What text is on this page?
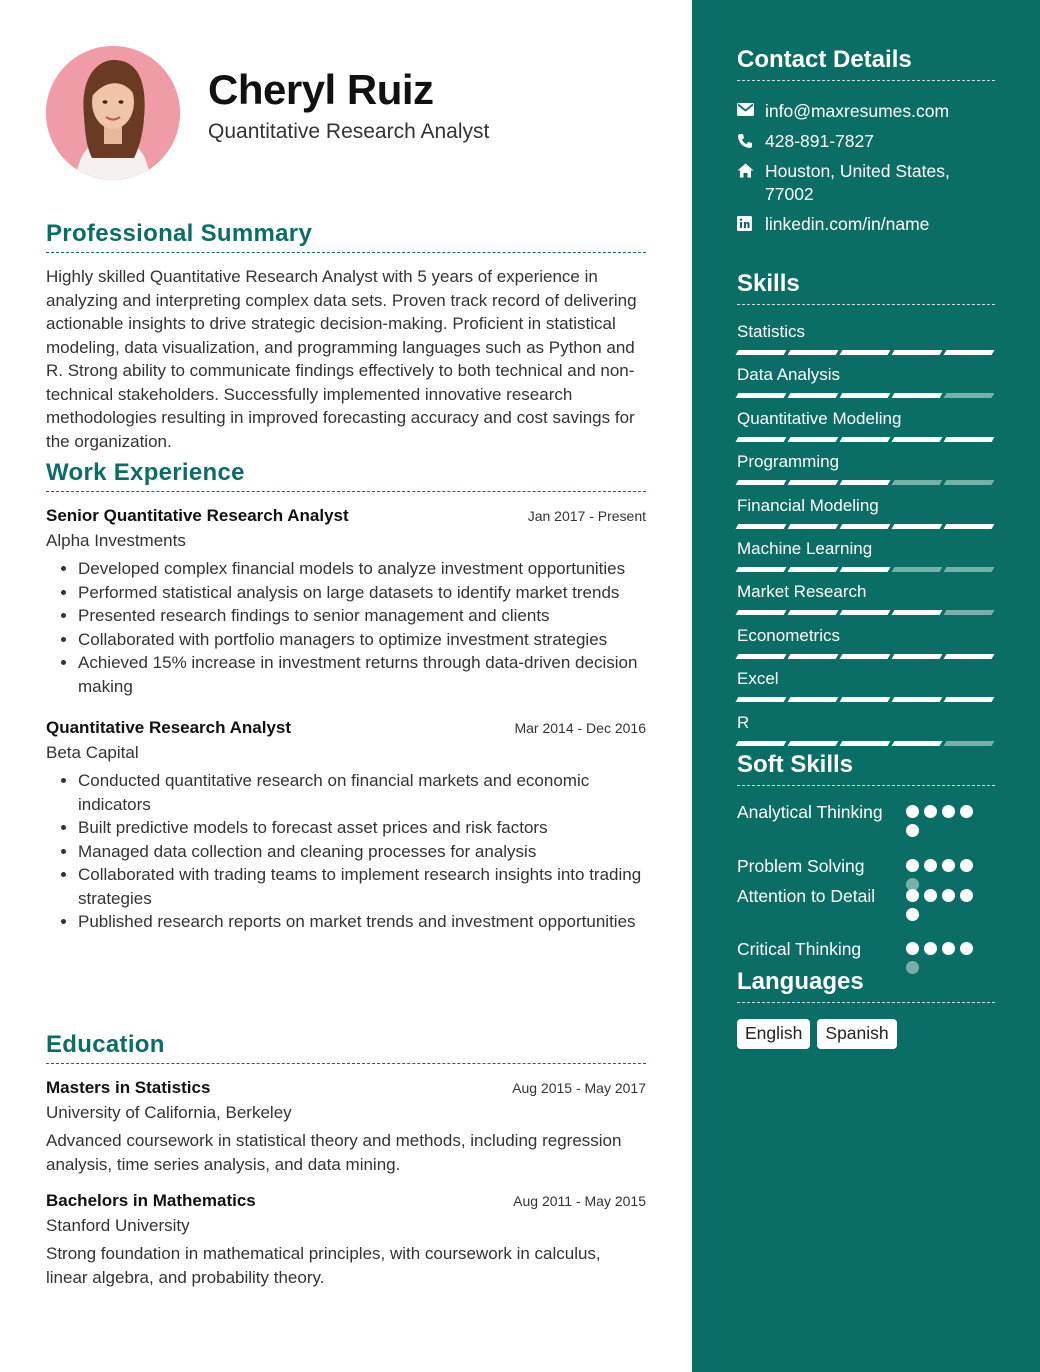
Cheryl Ruiz
Quantitative Research Analyst
Professional Summary
Highly skilled Quantitative Research Analyst with 5 years of experience in analyzing and interpreting complex data sets. Proven track record of delivering actionable insights to drive strategic decision-making. Proficient in statistical modeling, data visualization, and programming languages such as Python and R. Strong ability to communicate findings effectively to both technical and non-technical stakeholders. Successfully implemented innovative research methodologies resulting in improved forecasting accuracy and cost savings for the organization.
Work Experience
Senior Quantitative Research Analyst	Jan 2017 - Present
Alpha Investments
• Developed complex financial models to analyze investment opportunities
• Performed statistical analysis on large datasets to identify market trends
• Presented research findings to senior management and clients
• Collaborated with portfolio managers to optimize investment strategies
• Achieved 15% increase in investment returns through data-driven decision making
Quantitative Research Analyst	Mar 2014 - Dec 2016
Beta Capital
• Conducted quantitative research on financial markets and economic indicators
• Built predictive models to forecast asset prices and risk factors
• Managed data collection and cleaning processes for analysis
• Collaborated with trading teams to implement research insights into trading strategies
• Published research reports on market trends and investment opportunities
Education
Masters in Statistics	Aug 2015 - May 2017
University of California, Berkeley
Advanced coursework in statistical theory and methods, including regression analysis, time series analysis, and data mining.
Bachelors in Mathematics	Aug 2011 - May 2015
Stanford University
Strong foundation in mathematical principles, with coursework in calculus, linear algebra, and probability theory.
Contact Details
info@maxresumes.com
428-891-7827
Houston, United States, 77002
linkedin.com/in/name
Skills
Statistics
Data Analysis
Quantitative Modeling
Programming
Financial Modeling
Machine Learning
Market Research
Econometrics
Excel
R
Soft Skills
Analytical Thinking
Problem Solving
Attention to Detail
Critical Thinking
Languages
English	Spanish
